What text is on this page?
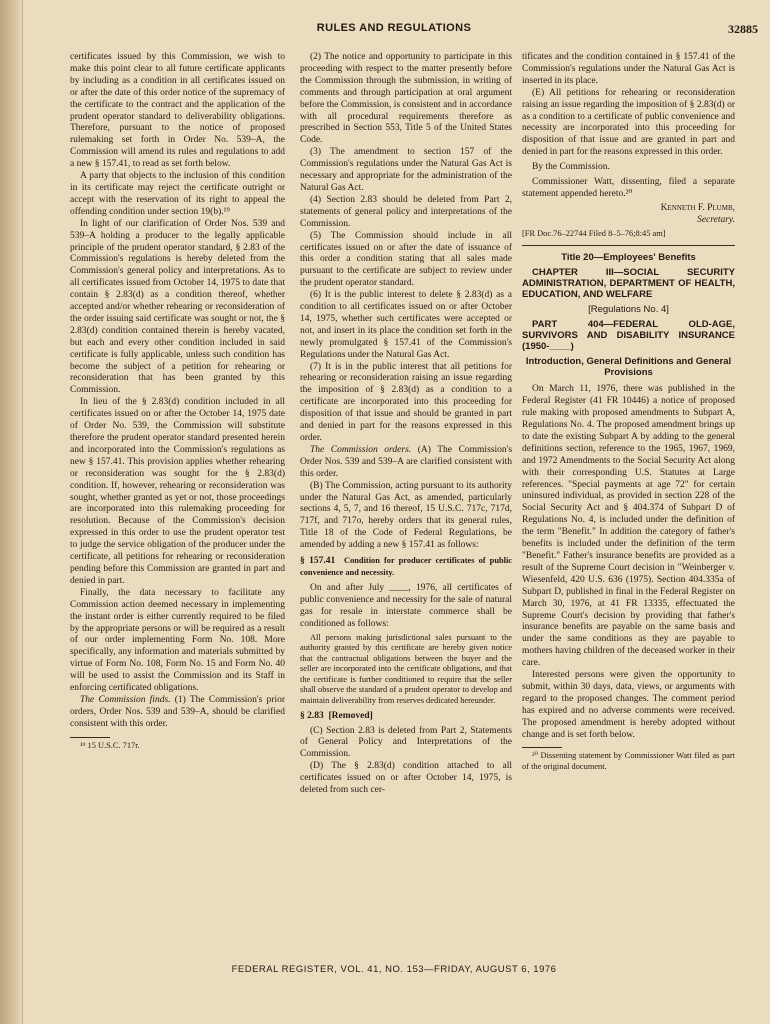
RULES AND REGULATIONS	32885

certificates issued by this Commission, we wish to make this point clear to all future certificate applicants by including as a condition in all certificates issued on or after the date of this order notice of the supremacy of the certificate to the contract and the application of the prudent operator standard to deliverability obligations. Therefore, pursuant to the notice of proposed rulemaking set forth in Order No. 539–A, the Commission will amend its rules and regulations to add a new § 157.41, to read as set forth below.

A party that objects to the inclusion of this condition in its certificate may reject the certificate outright or accept with the reservation of its right to appeal the offending condition under section 19(b).¹⁹

In light of our clarification of Order Nos. 539 and 539–A holding a producer to the legally applicable principle of the prudent operator standard, § 2.83 of the Commission's regulations is hereby deleted from the Commission's general policy and interpretations. As to all certificates issued from October 14, 1975 to date that contain § 2.83(d) as a condition thereof, whether accepted and/or whether rehearing or reconsideration of the order issuing said certificate was sought or not, the § 2.83(d) condition contained therein is hereby vacated, but each and every other condition included in said certificate is fully applicable, unless such condition has become the subject of a petition for rehearing or reconsideration that has been granted by this Commission.

In lieu of the § 2.83(d) condition included in all certificates issued on or after the October 14, 1975 date of Order No. 539, the Commission will substitute therefore the prudent operator standard presented herein and incorporated into the Commission's regulations as new § 157.41. This provision applies whether rehearing or reconsideration was sought for the § 2.83(d) condition. If, however, rehearing or reconsideration was sought, whether granted as yet or not, those proceedings are incorporated into this rulemaking proceeding for resolution. Because of the Commission's decision expressed in this order to use the prudent operator test to judge the service obligation of the producer under the certificate, all petitions for rehearing or reconsideration pending before this Commission are granted in part and denied in part.

Finally, the data necessary to facilitate any Commission action deemed necessary in implementing the instant order is either currently required to be filed by the appropriate persons or will be required as a result of our order implementing Form No. 108. More specifically, any information and materials submitted by virtue of Form No. 108, Form No. 15 and Form No. 40 will be used to assist the Commission and its Staff in enforcing certificated obligations.

The Commission finds. (1) The Commission's prior orders, Order Nos. 539 and 539–A, should be clarified consistent with this order.

¹⁹ 15 U.S.C. 717r.

(2) The notice and opportunity to participate in this proceeding with respect to the matter presently before the Commission through the submission, in writing of comments and through participation at oral argument before the Commission, is consistent and in accordance with all procedural requirements therefore as prescribed in Section 553, Title 5 of the United States Code.

(3) The amendment to section 157 of the Commission's regulations under the Natural Gas Act is necessary and appropriate for the administration of the Natural Gas Act.

(4) Section 2.83 should be deleted from Part 2, statements of general policy and interpretations of the Commission.

(5) The Commission should include in all certificates issued on or after the date of issuance of this order a condition stating that all sales made pursuant to the certificate are subject to review under the prudent operator standard.

(6) It is the public interest to delete § 2.83(d) as a condition to all certificates issued on or after October 14, 1975, whether such certificates were accepted or not, and insert in its place the condition set forth in the newly promulgated § 157.41 of the Commission's Regulations under the Natural Gas Act.

(7) It is in the public interest that all petitions for rehearing or reconsideration raising an issue regarding the imposition of § 2.83(d) as a condition to a certificate are incorporated into this proceeding for disposition of that issue and should be granted in part and denied in part for the reasons expressed in this order.

The Commission orders. (A) The Commission's Order Nos. 539 and 539–A are clarified consistent with this order.

(B) The Commission, acting pursuant to its authority under the Natural Gas Act, as amended, particularly sections 4, 5, 7, and 16 thereof, 15 U.S.C. 717c, 717d, 717f, and 717o, hereby orders that its general rules, Title 18 of the Code of Federal Regulations, be amended by adding a new § 157.41 as follows:

§ 157.41 Condition for producer certificates of public convenience and necessity.

On and after July ____, 1976, all certificates of public convenience and necessity for the sale of natural gas for resale in interstate commerce shall be conditioned as follows:

All persons making jurisdictional sales pursuant to the authority granted by this certificate are hereby given notice that the contractual obligations between the buyer and the seller are incorporated into the certificate obligations, and that the certificate is further conditioned to require that the seller shall observe the standard of a prudent operator to develop and maintain deliverability from reserves dedicated hereunder.

§ 2.83 [Removed]

(C) Section 2.83 is deleted from Part 2, Statements of General Policy and Interpretations of the Commission.

(D) The § 2.83(d) condition attached to all certificates issued on or after October 14, 1975, is deleted from such cer-

tificates and the condition contained in § 157.41 of the Commission's regulations under the Natural Gas Act is inserted in its place.

(E) All petitions for rehearing or reconsideration raising an issue regarding the imposition of § 2.83(d) or as a condition to a certificate of public convenience and necessity are incorporated into this proceeding for disposition of that issue and are granted in part and denied in part for the reasons expressed in this order.

By the Commission.

Commissioner Watt, dissenting, filed a separate statement appended hereto.²⁰

Kenneth F. Plumb,

Secretary.

[FR Doc.76–22744 Filed 8–5–76;8:45 am]

Title 20—Employees' Benefits

CHAPTER III—SOCIAL SECURITY ADMINISTRATION, DEPARTMENT OF HEALTH, EDUCATION, AND WELFARE

[Regulations No. 4]

PART 404—FEDERAL OLD-AGE, SURVIVORS AND DISABILITY INSURANCE (1950-____)

Introduction, General Definitions and General Provisions

On March 11, 1976, there was published in the Federal Register (41 FR 10446) a notice of proposed rule making with proposed amendments to Subpart A, Regulations No. 4. The proposed amendment brings up to date the existing Subpart A by adding to the general definitions section, reference to the 1965, 1967, 1969, and 1972 Amendments to the Social Security Act along with their corresponding U.S. Statutes at Large references. "Special payments at age 72" for certain uninsured individual, as provided in section 228 of the Social Security Act and § 404.374 of Subpart D of Regulations No. 4, is included under the definition of the term "Benefit." In addition the category of father's benefits is included under the definition of the term "Benefit." Father's insurance benefits are provided as a result of the Supreme Court decision in "Weinberger v. Wiesenfeld, 420 U.S. 636 (1975). Section 404.335a of Subpart D, published in final in the Federal Register on March 30, 1976, at 41 FR 13335, effectuated the Supreme Court's decision by providing that father's insurance benefits are payable on the same basis and under the same conditions as they are payable to mothers having children of the deceased worker in their care.

Interested persons were given the opportunity to submit, within 30 days, data, views, or arguments with regard to the proposed changes. The comment period has expired and no adverse comments were received. The proposed amendment is hereby adopted without change and is set forth below.

²⁰ Dissenting statement by Commissioner Watt filed as part of the original document.

FEDERAL REGISTER, VOL. 41, NO. 153—FRIDAY, AUGUST 6, 1976
